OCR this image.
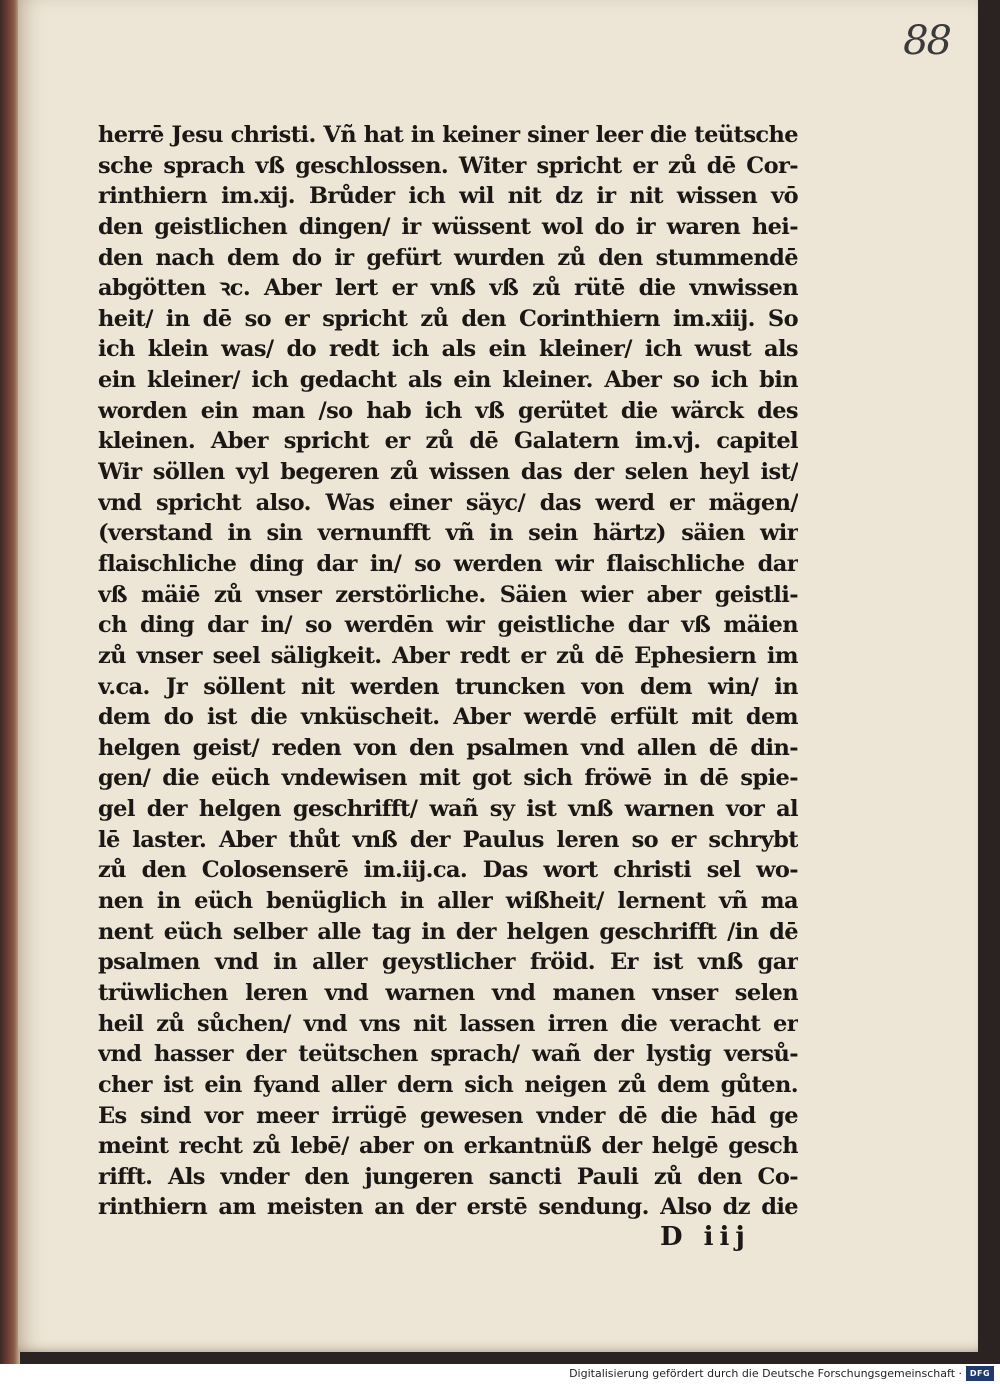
88
herrē Jesu christi. Vñ hat in keiner siner leer die teütsche
sche sprach vß geschlossen. Witer spricht er zů dē Cor-
rinthiern im.xij. Brůder ich wil nit dz ir nit wissen vō
den geistlichen dingen/ ir wüssent wol do ir waren hei-
den nach dem do ir gefürt wurden zů den stummendē
abgötten ꝛc. Aber lert er vnß vß zů rütē die vnwissen
heit/ in dē so er spricht zů den Corinthiern im.xiij. So
ich klein was/ do redt ich als ein kleiner/ ich wust als
ein kleiner/ ich gedacht als ein kleiner. Aber so ich bin
worden ein man /so hab ich vß gerütet die wärck des
kleinen. Aber spricht er zů dē Galatern im.vj. capitel
Wir söllen vyl begeren zů wissen das der selen heyl ist/
vnd spricht also. Was einer säyc/ das werd er mägen/
(verstand in sin vernunfft vñ in sein härtz) säien wir
flaischliche ding dar in/ so werden wir flaischliche dar
vß mäiē zů vnser zerstörliche. Säien wier aber geistli-
ch ding dar in/ so werdēn wir geistliche dar vß mäien
zů vnser seel säligkeit. Aber redt er zů dē Ephesiern im
v.ca. Jr söllent nit werden truncken von dem win/ in
dem do ist die vnküscheit. Aber werdē erfült mit dem
helgen geist/ reden von den psalmen vnd allen dē din-
gen/ die eüch vndewisen mit got sich fröwē in dē spie-
gel der helgen geschrifft/ wañ sy ist vnß warnen vor al
lē laster. Aber thůt vnß der Paulus leren so er schrybt
zů den Colosenserē im.iij.ca. Das wort christi sel wo-
nen in eüch benüglich in aller wißheit/ lernent vñ ma
nent eüch selber alle tag in der helgen geschrifft /in dē
psalmen vnd in aller geystlicher fröid. Er ist vnß gar
trüwlichen leren vnd warnen vnd manen vnser selen
heil zů sůchen/ vnd vns nit lassen irren die veracht er
vnd hasser der teütschen sprach/ wañ der lystig versů-
cher ist ein fyand aller dern sich neigen zů dem gůten.
Es sind vor meer irrügē gewesen vnder dē die hād ge
meint recht zů lebē/ aber on erkantnüß der helgē gesch
rifft. Als vnder den jungeren sancti Pauli zů den Co-
rinthiern am meisten an der erstē sendung. Also dz die
D iij
Digitalisierung gefördert durch die Deutsche Forschungsgemeinschaft · DFG
